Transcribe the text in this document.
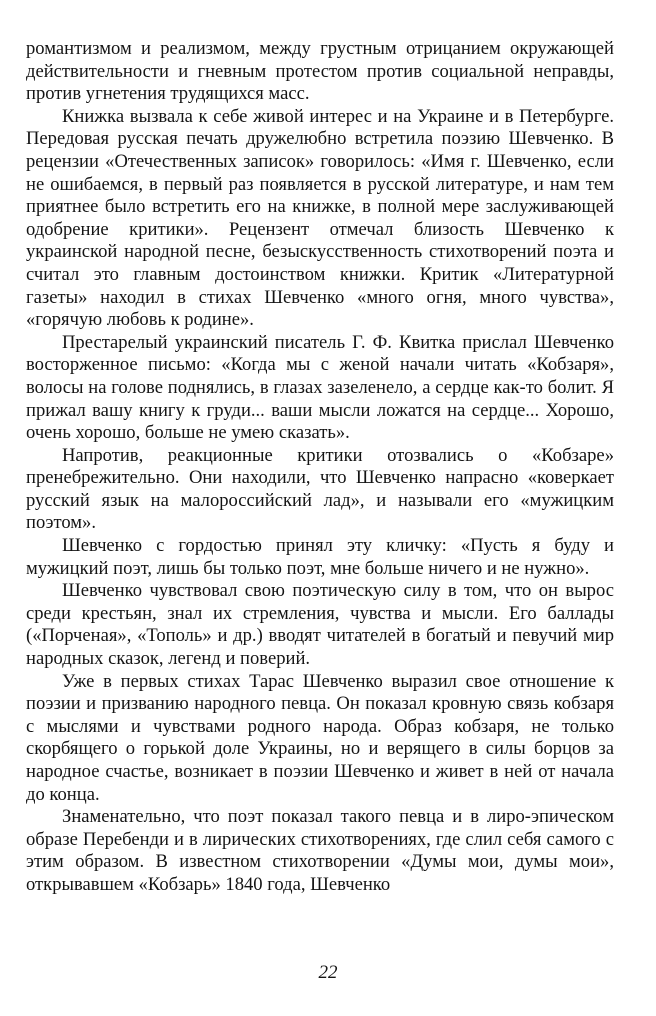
романтизмом и реализмом, между грустным отрицанием окружающей действительности и гневным протестом против социальной неправды, против угнетения трудящихся масс.

Книжка вызвала к себе живой интерес и на Украине и в Петербурге. Передовая русская печать дружелюбно встретила поэзию Шевченко. В рецензии «Отечественных записок» говорилось: «Имя г. Шевченко, если не ошибаемся, в первый раз появляется в русской литературе, и нам тем приятнее было встретить его на книжке, в полной мере заслуживающей одобрение критики». Рецензент отмечал близость Шевченко к украинской народной песне, безыскусственность стихотворений поэта и считал это главным достоинством книжки. Критик «Литературной газеты» находил в стихах Шевченко «много огня, много чувства», «горячую любовь к родине».

Престарелый украинский писатель Г. Ф. Квитка прислал Шевченко восторженное письмо: «Когда мы с женой начали читать «Кобзаря», волосы на голове поднялись, в глазах зазеленело, а сердце как-то болит. Я прижал вашу книгу к груди... ваши мысли ложатся на сердце... Хорошо, очень хорошо, больше не умею сказать».

Напротив, реакционные критики отозвались о «Кобзаре» пренебрежительно. Они находили, что Шевченко напрасно «коверкает русский язык на малороссийский лад», и называли его «мужицким поэтом».

Шевченко с гордостью принял эту кличку: «Пусть я буду и мужицкий поэт, лишь бы только поэт, мне больше ничего и не нужно».

Шевченко чувствовал свою поэтическую силу в том, что он вырос среди крестьян, знал их стремления, чувства и мысли. Его баллады («Порченая», «Тополь» и др.) вводят читателей в богатый и певучий мир народных сказок, легенд и поверий.

Уже в первых стихах Тарас Шевченко выразил свое отношение к поэзии и призванию народного певца. Он показал кровную связь кобзаря с мыслями и чувствами родного народа. Образ кобзаря, не только скорбящего о горькой доле Украины, но и верящего в силы борцов за народное счастье, возникает в поэзии Шевченко и живет в ней от начала до конца.

Знаменательно, что поэт показал такого певца и в лиро-эпическом образе Перебенди и в лирических стихотворениях, где слил себя самого с этим образом. В известном стихотворении «Думы мои, думы мои», открывавшем «Кобзарь» 1840 года, Шевченко

22
